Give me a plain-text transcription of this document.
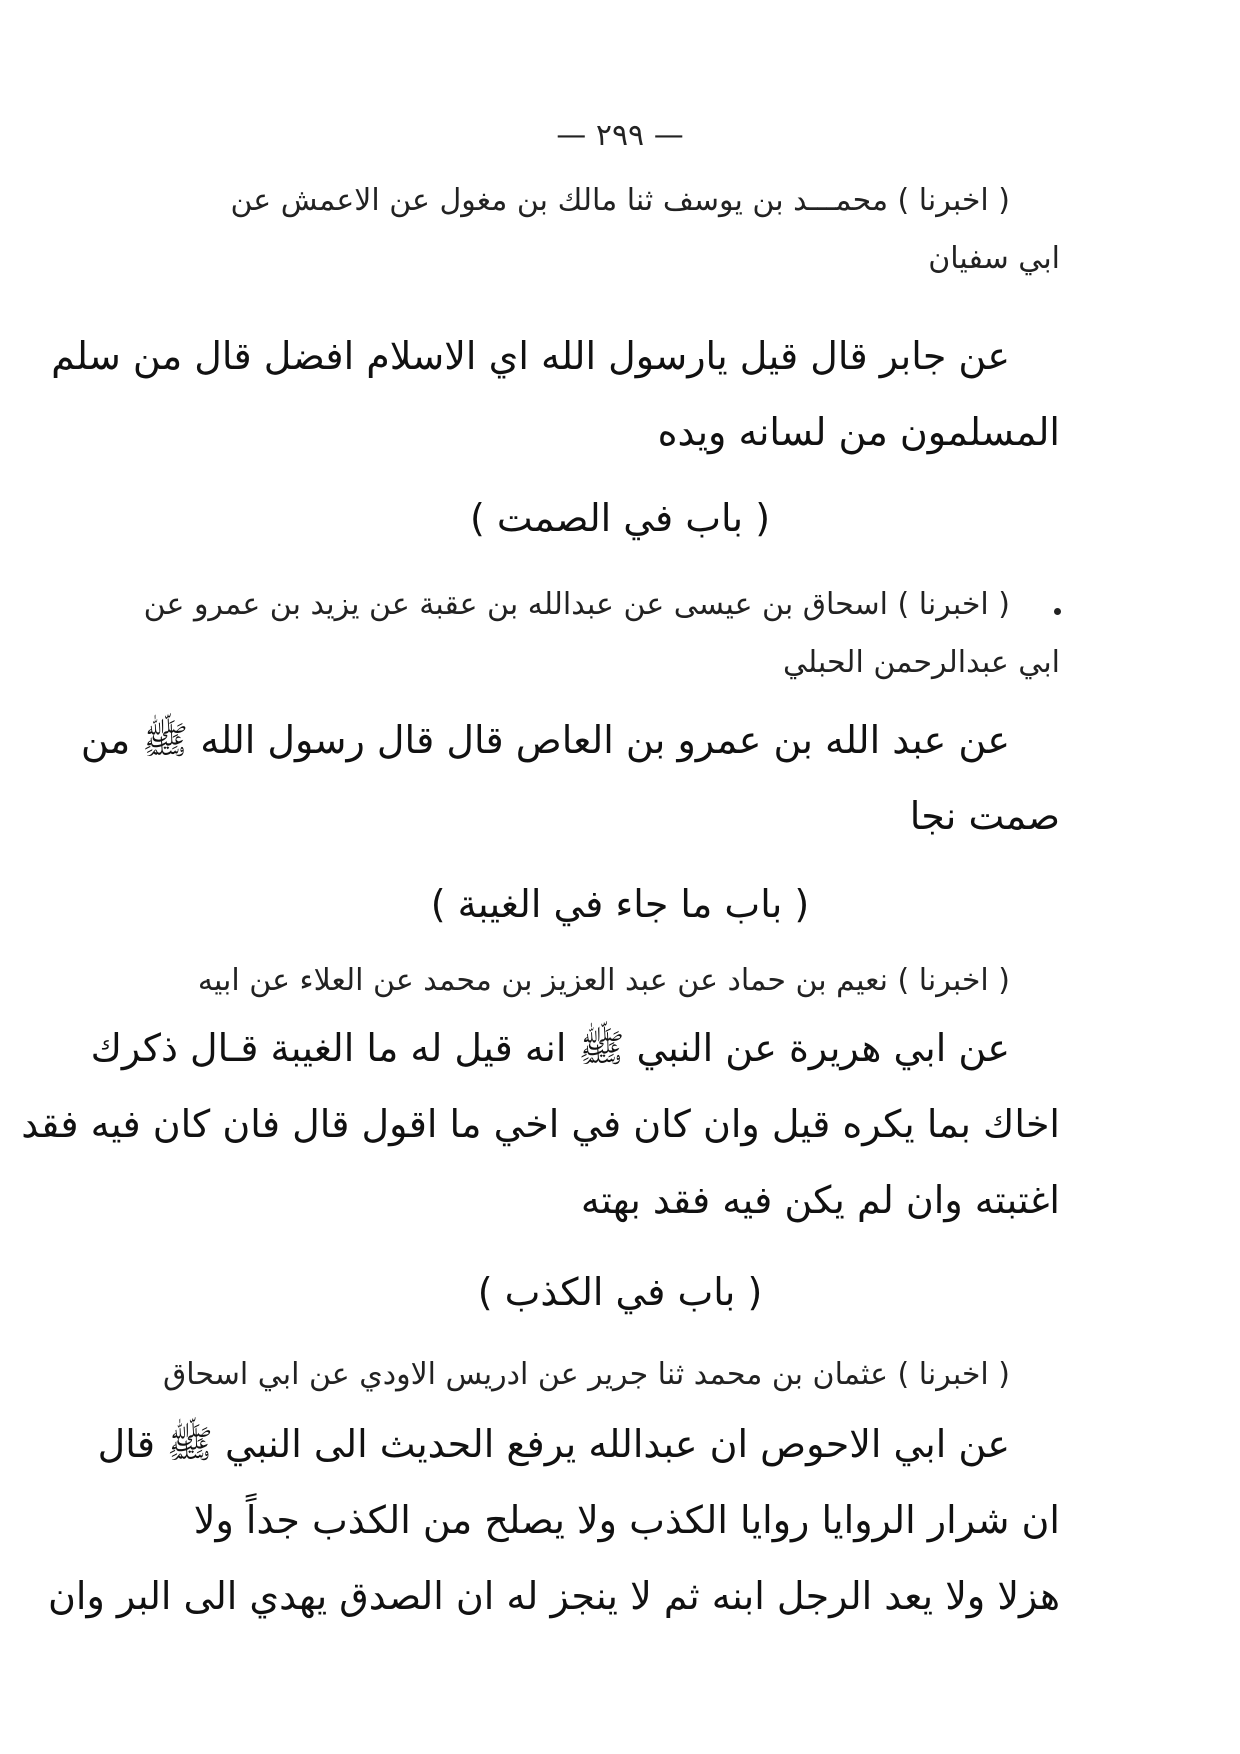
— ٢٩٩ —
( اخبرنا ) محمـــد بن يوسف ثنا مالك بن مغول عن الاعمش عن
ابي سفيان
عن جابر قال قيل يارسول الله اي الاسلام افضل قال من سلم
المسلمون من لسانه ويده
( باب في الصمت )
( اخبرنا ) اسحاق بن عيسى عن عبدالله بن عقبة عن يزيد بن عمرو عن
ابي عبدالرحمن الحبلي
عن عبد الله بن عمرو بن العاص قال قال رسول الله ﷺ من
صمت نجا
( باب ما جاء في الغيبة )
( اخبرنا ) نعيم بن حماد عن عبد العزيز بن محمد عن العلاء عن ابيه
عن ابي هريرة عن النبي ﷺ انه قيل له ما الغيبة قـال ذكرك
اخاك بما يكره قيل وان كان في اخي ما اقول قال فان كان فيه فقد
اغتبته وان لم يكن فيه فقد بهته
( باب في الكذب )
( اخبرنا ) عثمان بن محمد ثنا جرير عن ادريس الاودي عن ابي اسحاق
عن ابي الاحوص ان عبدالله يرفع الحديث الى النبي ﷺ قال
ان شرار الروايا روايا الكذب ولا يصلح من الكذب جداً ولا
هزلا ولا يعد الرجل ابنه ثم لا ينجز له ان الصدق يهدي الى البر وان
